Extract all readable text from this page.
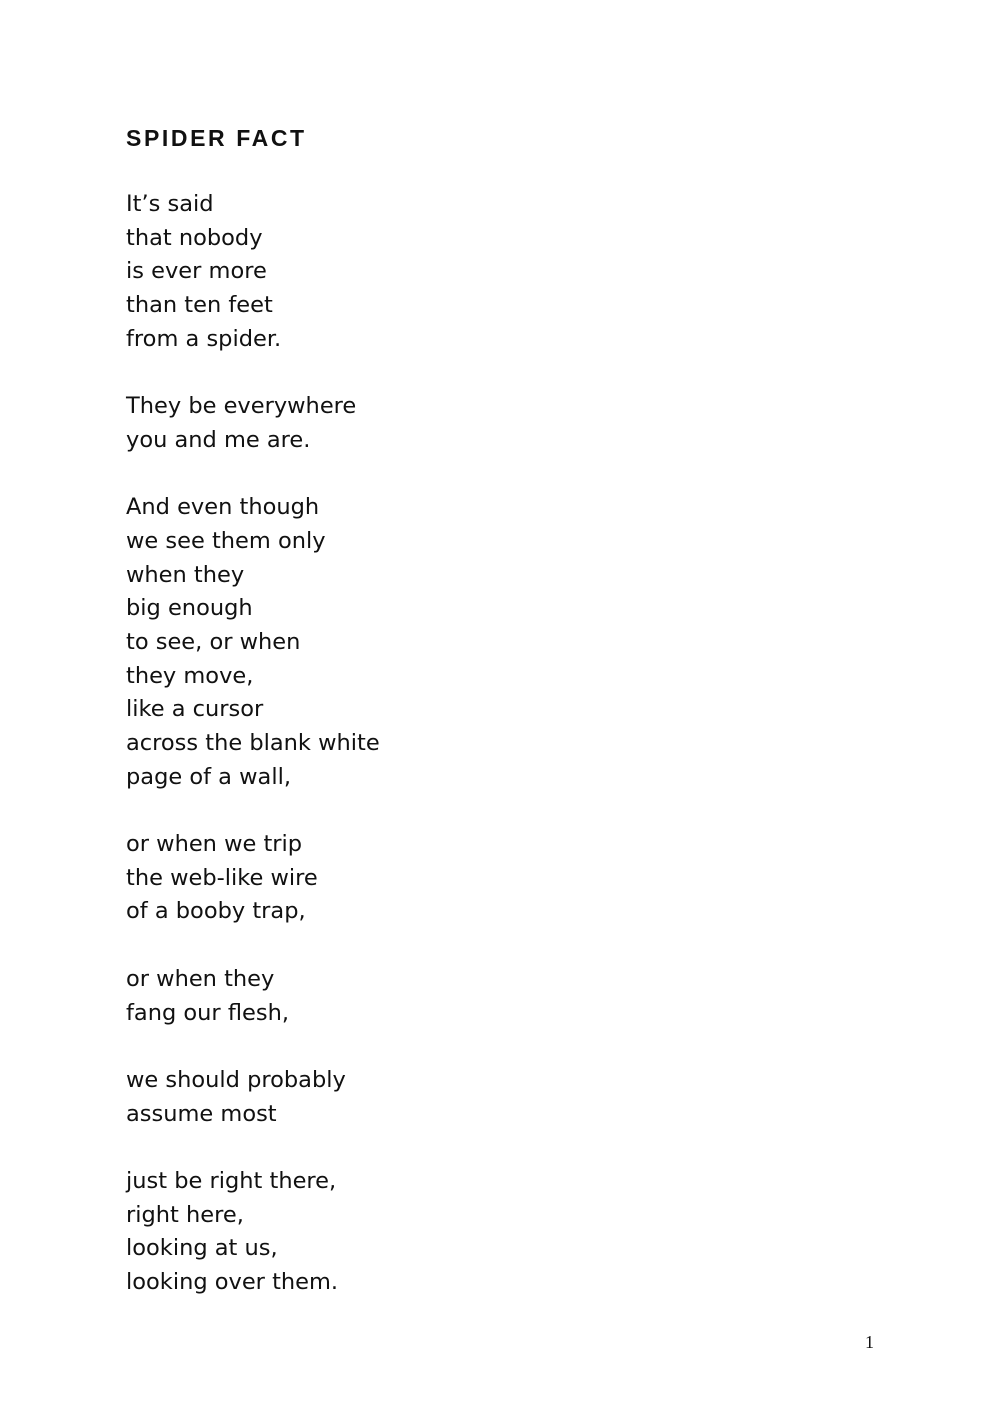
SPIDER FACT
It’s said
that nobody
is ever more
than ten feet
from a spider.
They be everywhere
you and me are.
And even though
we see them only
when they
big enough
to see, or when
they move,
like a cursor
across the blank white
page of a wall,
or when we trip
the web-like wire
of a booby trap,
or when they
fang our flesh,
we should probably
assume most
just be right there,
right here,
looking at us,
looking over them.
1
